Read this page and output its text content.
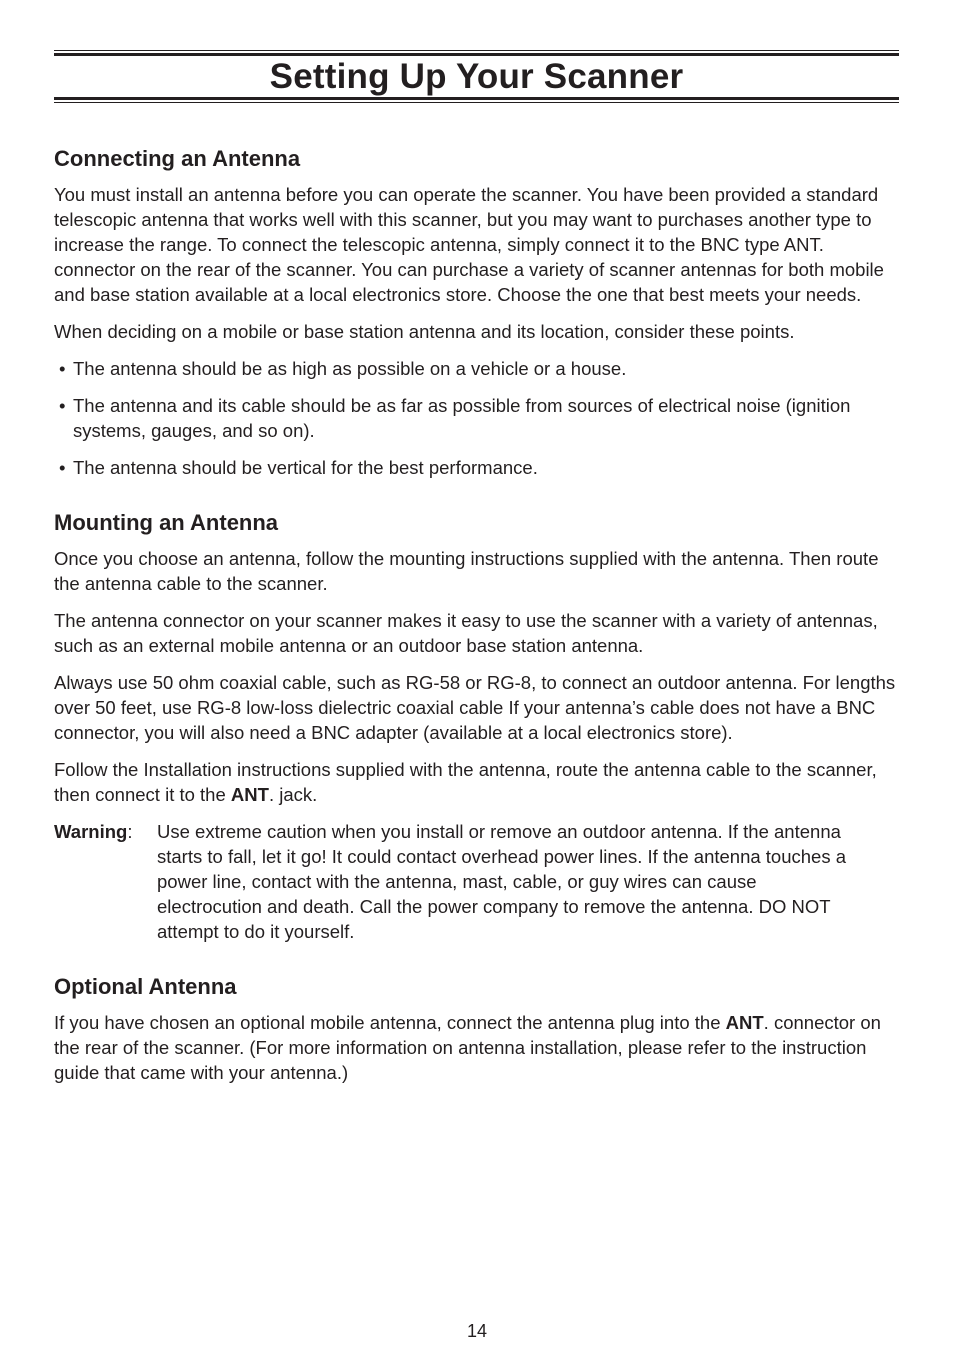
Setting Up Your Scanner
Connecting an Antenna

You must install an antenna before you can operate the scanner. You have been provided a standard telescopic antenna that works well with this scanner, but you may want to purchases another type to increase the range. To connect the telescopic antenna, simply connect it to the BNC type ANT. connector on the rear of the scanner. You can purchase a variety of scanner antennas for both mobile and base station available at a local electronics store. Choose the one that best meets your needs.

When deciding on a mobile or base station antenna and its location, consider these points.

• The antenna should be as high as possible on a vehicle or a house.
• The antenna and its cable should be as far as possible from sources of electrical noise (ignition systems, gauges, and so on).
• The antenna should be vertical for the best performance.
Mounting an Antenna

Once you choose an antenna, follow the mounting instructions supplied with the antenna. Then route the antenna cable to the scanner.

The antenna connector on your scanner makes it easy to use the scanner with a variety of antennas, such as an external mobile antenna or an outdoor base station antenna.

Always use 50 ohm coaxial cable, such as RG-58 or RG-8, to connect an outdoor antenna. For lengths over 50 feet, use RG-8 low-loss dielectric coaxial cable If your antenna’s cable does not have a BNC connector, you will also need a BNC adapter (available at a local electronics store).

Follow the Installation instructions supplied with the antenna, route the antenna cable to the scanner, then connect it to the ANT. jack.

Warning:	Use extreme caution when you install or remove an outdoor antenna. If the antenna starts to fall, let it go! It could contact overhead power lines. If the antenna touches a power line, contact with the antenna, mast, cable, or guy wires can cause electrocution and death. Call the power company to remove the antenna. DO NOT attempt to do it yourself.
Optional Antenna

If you have chosen an optional mobile antenna, connect the antenna plug into the ANT. connector on the rear of the scanner. (For more information on antenna installation, please refer to the instruction guide that came with your antenna.)

14
